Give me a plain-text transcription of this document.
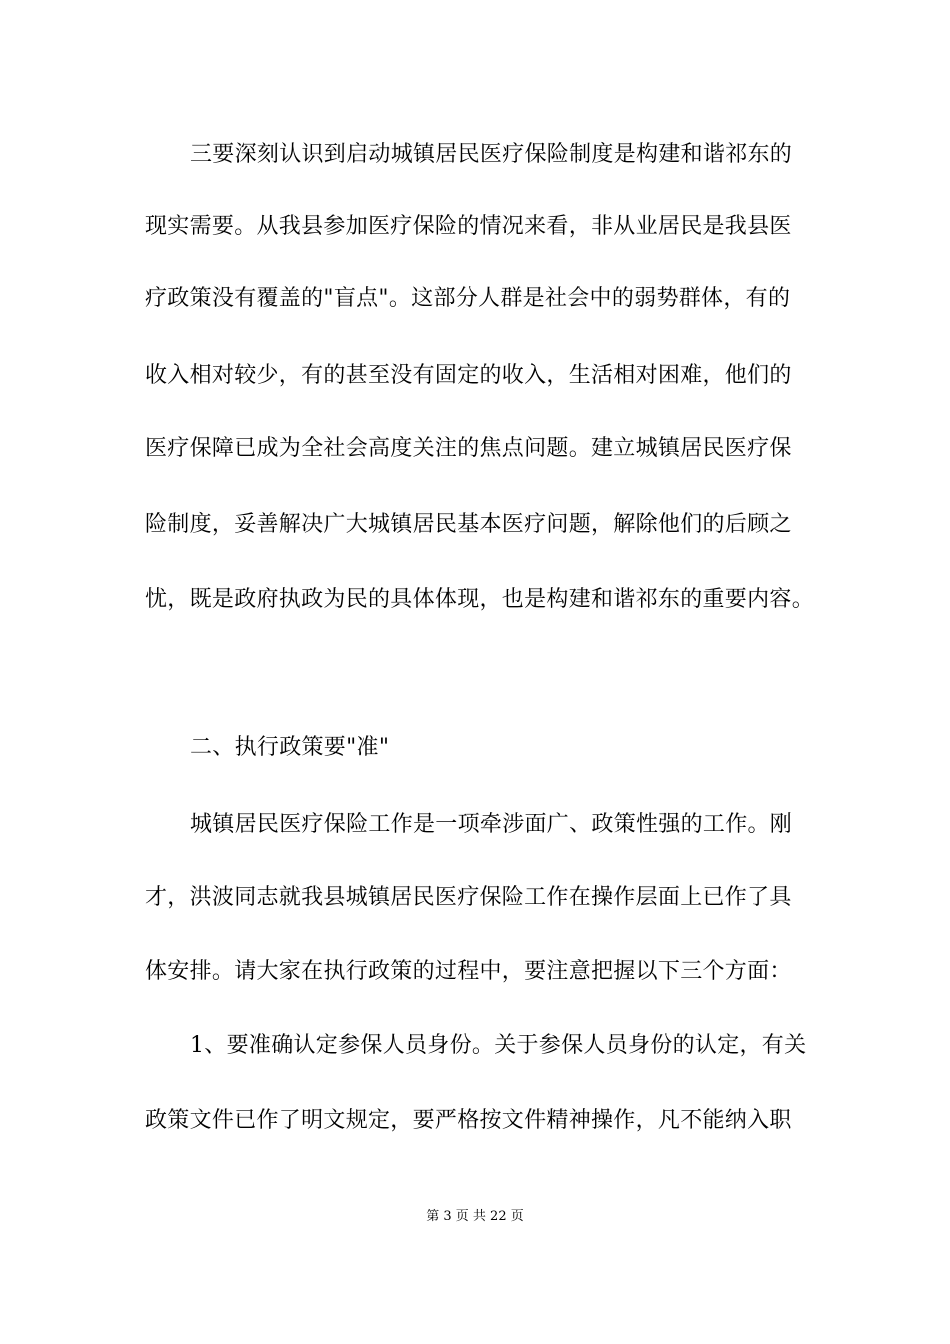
三要深刻认识到启动城镇居民医疗保险制度是构建和谐祁东的
现实需要。从我县参加医疗保险的情况来看，非从业居民是我县医
疗政策没有覆盖的"盲点"。这部分人群是社会中的弱势群体，有的
收入相对较少，有的甚至没有固定的收入，生活相对困难，他们的
医疗保障已成为全社会高度关注的焦点问题。建立城镇居民医疗保
险制度，妥善解决广大城镇居民基本医疗问题，解除他们的后顾之
忧，既是政府执政为民的具体体现，也是构建和谐祁东的重要内容。
二、执行政策要"准"
城镇居民医疗保险工作是一项牵涉面广、政策性强的工作。刚
才，洪波同志就我县城镇居民医疗保险工作在操作层面上已作了具
体安排。请大家在执行政策的过程中，要注意把握以下三个方面：
1、要准确认定参保人员身份。关于参保人员身份的认定，有关
政策文件已作了明文规定，要严格按文件精神操作，凡不能纳入职
第 3 页 共 22 页
